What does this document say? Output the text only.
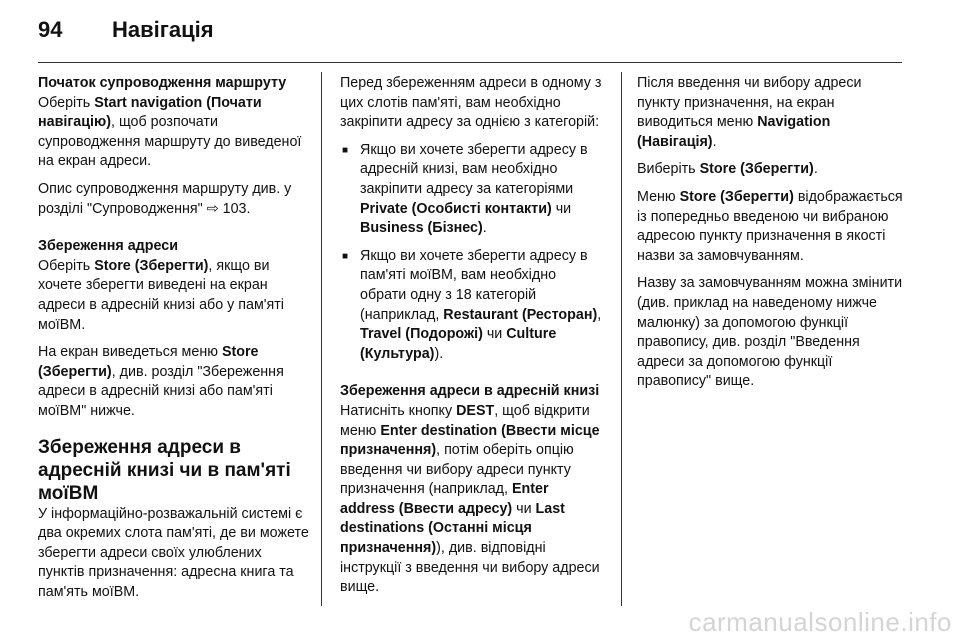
94	Навігація
Початок супроводження маршруту

Оберіть Start navigation (Почати навігацію), щоб розпочати супроводження маршруту до виведеної на екран адреси.

Опис супроводження маршруту див. у розділі "Супроводження" ⇨ 103.

Збереження адреси

Оберіть Store (Зберегти), якщо ви хочете зберегти виведені на екран адреси в адресній книзі або у пам'яті моїВМ.

На екран виведеться меню Store (Зберегти), див. розділ "Збереження адреси в адресній книзі або пам'яті моїВМ" нижче.

Збереження адреси в адресній книзі чи в пам'яті моїВМ

У інформаційно-розважальній системі є два окремих слота пам'яті, де ви можете зберегти адреси своїх улюблених пунктів призначення: адресна книга та пам'ять моїВМ.

Перед збереженням адреси в одному з цих слотів пам'яті, вам необхідно закріпити адресу за однією з категорій:

■ Якщо ви хочете зберегти адресу в адресній книзі, вам необхідно закріпити адресу за категоріями Private (Особисті контакти) чи Business (Бізнес).
■ Якщо ви хочете зберегти адресу в пам'яті моїВМ, вам необхідно обрати одну з 18 категорій (наприклад, Restaurant (Ресторан), Travel (Подорожі) чи Culture (Культура)).
Збереження адреси в адресній книзі

Натисніть кнопку DEST, щоб відкрити меню Enter destination (Ввести місце призначення), потім оберіть опцію введення чи вибору адреси пункту призначення (наприклад, Enter address (Ввести адресу) чи Last destinations (Останні місця призначення)), див. відповідні інструкції з введення чи вибору адреси вище.

Після введення чи вибору адреси пункту призначення, на екран виводиться меню Navigation (Навігація).

Виберіть Store (Зберегти).

Меню Store (Зберегти) відображається із попередньо введеною чи вибраною адресою пункту призначення в якості назви за замовчуванням.

Назву за замовчуванням можна змінити (див. приклад на наведеному нижче малюнку) за допомогою функції правопису, див. розділ "Введення адреси за допомогою функції правопису" вище.

carmanualsonline.info
